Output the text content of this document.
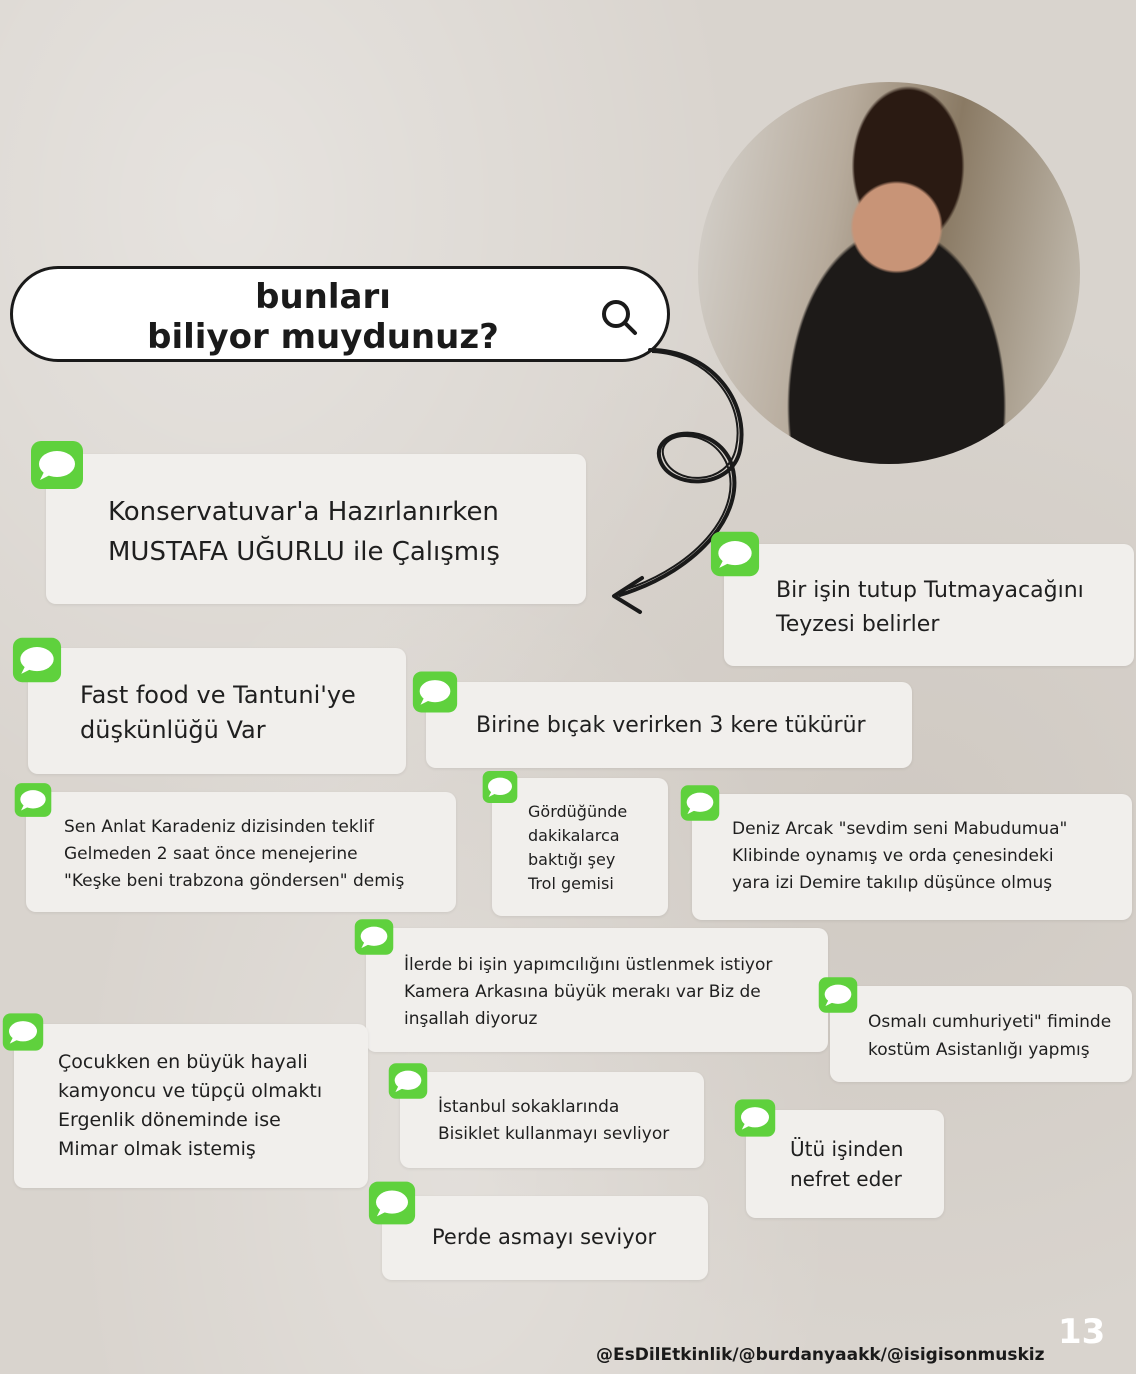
bunları
biliyor muydunuz?
Konservatuvar'a Hazırlanırken
MUSTAFA UĞURLU ile Çalışmış
Bir işin tutup Tutmayacağını
Teyzesi belirler
Fast food ve Tantuni'ye
düşkünlüğü Var	Birine bıçak verirken 3 kere tükürür
Sen Anlat Karadeniz dizisinden teklif
Gelmeden 2 saat önce menejerine
"Keşke beni trabzona göndersen" demiş
Gördüğünde
dakikalarca
baktığı şey
Trol gemisi
Deniz Arcak "sevdim seni Mabudumua"
Klibinde oynamış ve orda çenesindeki
yara izi Demire takılıp düşünce olmuş
İlerde bi işin yapımcılığını üstlenmek istiyor
Kamera Arkasına büyük merakı var Biz de
inşallah diyoruz	Osmalı cumhuriyeti" fiminde
kostüm Asistanlığı yapmış
Çocukken en büyük hayali
kamyoncu ve tüpçü olmaktı
Ergenlik döneminde ise
Mimar olmak istemiş
İstanbul sokaklarında
Bisiklet kullanmayı sevliyor
Ütü işinden
nefret eder
Perde asmayı seviyor
13
@EsDilEtkinlik/@burdanyaakk/@isigisonmuskiz
